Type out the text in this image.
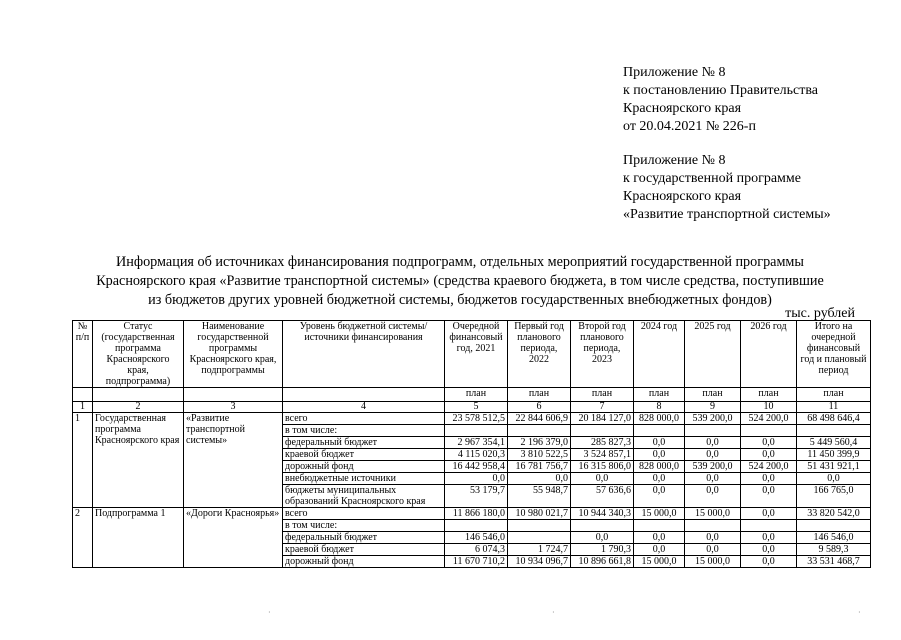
Приложение № 8
к постановлению Правительства
Красноярского края
от 20.04.2021 № 226-п
Приложение № 8
к государственной программе
Красноярского края
«Развитие транспортной системы»
Информация об источниках финансирования подпрограмм, отдельных мероприятий государственной программы
Красноярского края «Развитие транспортной системы» (средства краевого бюджета, в том числе средства, поступившие
из бюджетов других уровней бюджетной системы, бюджетов государственных внебюджетных фондов)
тыс. рублей
№ п/п	Статус (государственная программа Красноярского края, подпрограмма)	Наименование государственной программы Красноярского края, подпрограммы	Уровень бюджетной системы/источники финансирования	Очередной финансовый год, 2021	Первый год планового периода, 2022	Второй год планового периода, 2023	2024 год	2025 год	2026 год	Итого на очередной финансовый год и плановый период
				план	план	план	план	план	план	план
1	2	3	4	5	6	7	8	9	10	11
1	Государственная программа Красноярского края	«Развитие транспортной системы»	всего	23 578 512,5	22 844 606,9	20 184 127,0	828 000,0	539 200,0	524 200,0	68 498 646,4
			в том числе:							
			федеральный бюджет	2 967 354,1	2 196 379,0	285 827,3	0,0	0,0	0,0	5 449 560,4
			краевой бюджет	4 115 020,3	3 810 522,5	3 524 857,1	0,0	0,0	0,0	11 450 399,9
			дорожный фонд	16 442 958,4	16 781 756,7	16 315 806,0	828 000,0	539 200,0	524 200,0	51 431 921,1
			внебюджетные источники	0,0	0,0	0,0	0,0	0,0	0,0	0,0
			бюджеты муниципальных образований Красноярского края	53 179,7	55 948,7	57 636,6	0,0	0,0	0,0	166 765,0
2	Подпрограмма 1	«Дороги Красноярья»	всего	11 866 180,0	10 980 021,7	10 944 340,3	15 000,0	15 000,0	0,0	33 820 542,0
			в том числе:							
			федеральный бюджет	146 546,0		0,0	0,0	0,0	0,0	146 546,0
			краевой бюджет	6 074,3	1 724,7	1 790,3	0,0	0,0	0,0	9 589,3
			дорожный фонд	11 670 710,2	10 934 096,7	10 896 661,8	15 000,0	15 000,0	0,0	33 531 468,7
·	·	·
